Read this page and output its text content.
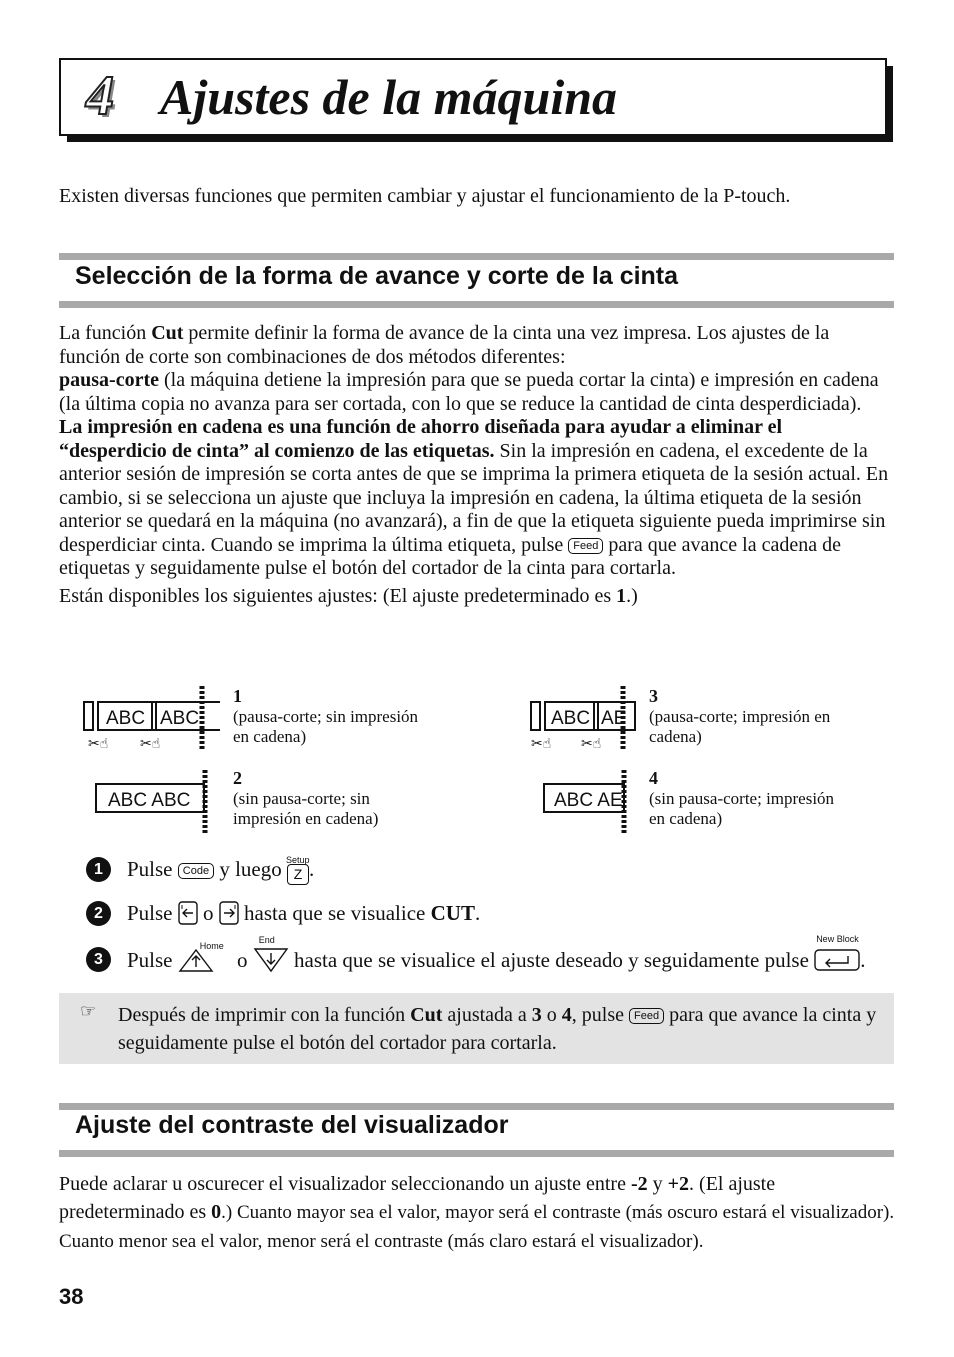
4 Ajustes de la máquina
Existen diversas funciones que permiten cambiar y ajustar el funcionamiento de la P-touch.
Selección de la forma de avance y corte de la cinta
La función Cut permite definir la forma de avance de la cinta una vez impresa. Los ajustes de la función de corte son combinaciones de dos métodos diferentes:
pausa-corte (la máquina detiene la impresión para que se pueda cortar la cinta) e impresión en cadena (la última copia no avanza para ser cortada, con lo que se reduce la cantidad de cinta desperdiciada).
La impresión en cadena es una función de ahorro diseñada para ayudar a eliminar el “desperdicio de cinta” al comienzo de las etiquetas. Sin la impresión en cadena, el excedente de la anterior sesión de impresión se corta antes de que se imprima la primera etiqueta de la sesión actual. En cambio, si se selecciona un ajuste que incluya la impresión en cadena, la última etiqueta de la sesión anterior se quedará en la máquina (no avanzará), a fin de que la etiqueta siguiente pueda imprimirse sin desperdiciar cinta. Cuando se imprima la última etiqueta, pulse Feed para que avance la cadena de etiquetas y seguidamente pulse el botón del cortador de la cinta para cortarla.
Están disponibles los siguientes ajustes: (El ajuste predeterminado es 1.)
ABC ABC
✂☝ ✂☝
1
(pausa-corte; sin impresión
en cadena)
ABC AE
✂☝ ✂☝
3
(pausa-corte; impresión en
cadena)
ABC ABC
2
(sin pausa-corte; sin
impresión en cadena)
ABC AE
4
(sin pausa-corte; impresión
en cadena)
1	Pulse Code y luego Setup
Z .
2	Pulse  o  hasta que se visualice CUT.
3	Pulse
Home
o
End
hasta que se visualice el ajuste deseado y seguidamente pulse
New Block
.
☞ Después de imprimir con la función Cut ajustada a 3 o 4, pulse Feed para que avance la cinta y seguidamente pulse el botón del cortador para cortarla.
Ajuste del contraste del visualizador
Puede aclarar u oscurecer el visualizador seleccionando un ajuste entre -2 y +2. (El ajuste predeterminado es 0.) Cuanto mayor sea el valor, mayor será el contraste (más oscuro estará el visualizador). Cuanto menor sea el valor, menor será el contraste (más claro estará el visualizador).
38
